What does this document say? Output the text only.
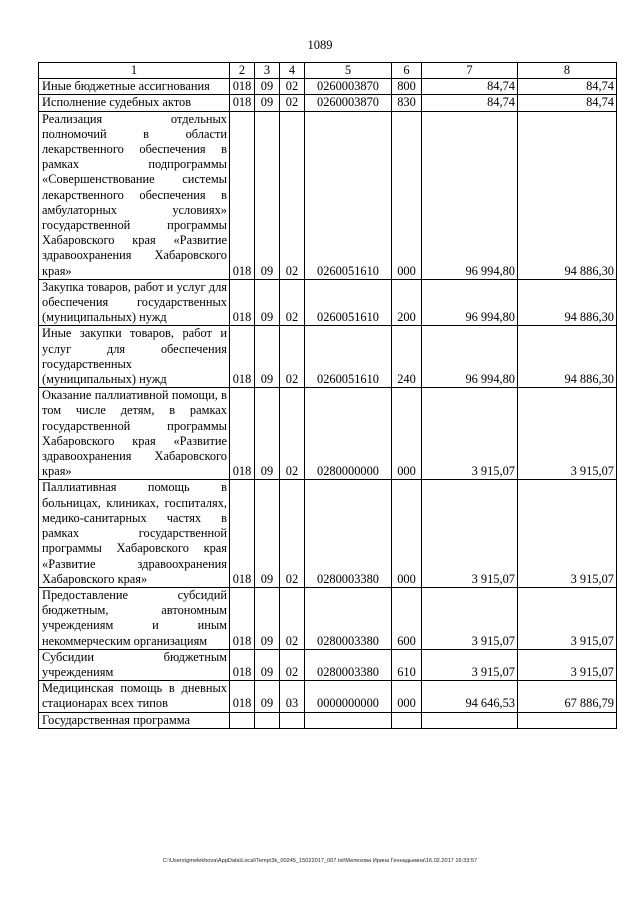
1089
1	2	3	4	5	6	7	8
Иные бюджетные ассигнования	018	09	02	0260003870	800	84,74	84,74
Исполнение судебных актов	018	09	02	0260003870	830	84,74	84,74
Реализация отдельных полномочий в области лекарственного обеспечения в рамках подпрограммы «Совершенствование системы лекарственного обеспечения в амбулаторных условиях» государственной программы Хабаровского края «Развитие здравоохранения Хабаровского края»	018	09	02	0260051610	000	96 994,80	94 886,30
Закупка товаров, работ и услуг для обеспечения государственных (муниципальных) нужд	018	09	02	0260051610	200	96 994,80	94 886,30
Иные закупки товаров, работ и услуг для обеспечения государственных (муниципальных) нужд	018	09	02	0260051610	240	96 994,80	94 886,30
Оказание паллиативной помощи, в том числе детям, в рамках государственной программы Хабаровского края «Развитие здравоохранения Хабаровского края»	018	09	02	0280000000	000	3 915,07	3 915,07
Паллиативная помощь в больницах, клиниках, госпиталях, медико-санитарных частях в рамках государственной программы Хабаровского края «Развитие здравоохранения Хабаровского края»	018	09	02	0280003380	000	3 915,07	3 915,07
Предоставление субсидий бюджетным, автономным учреждениям и иным некоммерческим организациям	018	09	02	0280003380	600	3 915,07	3 915,07
Субсидии бюджетным учреждениям	018	09	02	0280003380	610	3 915,07	3 915,07
Медицинская помощь в дневных стационарах всех типов	018	09	03	0000000000	000	94 646,53	67 886,79
Государственная программа							
C:\Users\gmelekhova\AppData\Local\Temp\3k_00245_15022017_007.txt\Мелехова Ирина Геннадьевна\16.02.2017 16:33:57
